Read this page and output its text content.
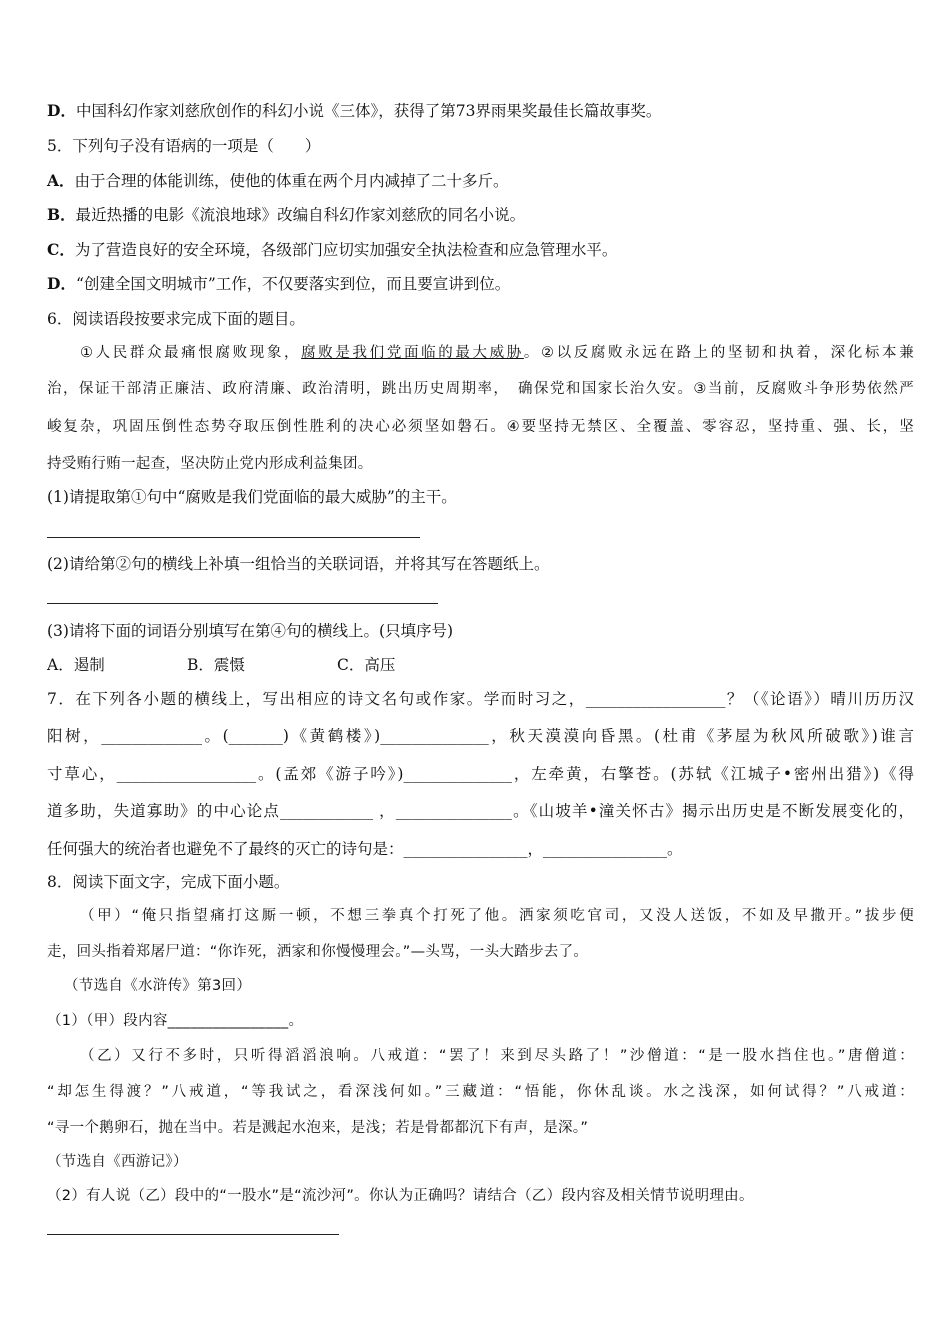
D．中国科幻作家刘慈欣创作的科幻小说《三体》，获得了第73界雨果奖最佳长篇故事奖。
5．下列句子没有语病的一项是（　　）
A．由于合理的体能训练，使他的体重在两个月内减掉了二十多斤。
B．最近热播的电影《流浪地球》改编自科幻作家刘慈欣的同名小说。
C．为了营造良好的安全环境，各级部门应切实加强安全执法检查和应急管理水平。
D．“创建全国文明城市”工作，不仅要落实到位，而且要宣讲到位。
6．阅读语段按要求完成下面的题目。
①人民群众最痛恨腐败现象，腐败是我们党面临的最大威胁。②以反腐败永远在路上的坚韧和执着，深化标本兼
治，保证干部清正廉洁、政府清廉、政治清明，跳出历史周期率，　确保党和国家长治久安。③当前，反腐败斗争形势依然严
峻复杂，巩固压倒性态势夺取压倒性胜利的决心必须坚如磐石。④要坚持无禁区、全覆盖、零容忍，坚持重、强、长，坚
持受贿行贿一起查，坚决防止党内形成利益集团。
(1)请提取第①句中“腐败是我们党面临的最大威胁”的主干。
(2)请给第②句的横线上补填一组恰当的关联词语，并将其写在答题纸上。
(3)请将下面的词语分别填写在第④句的横线上。(只填序号)
A．遏制	B．震慑	C．高压
7．在下列各小题的横线上，写出相应的诗文名句或作家。学而时习之，__________________？（《论语》）晴川历历汉
阳树，_____________。(_______)《黄鹤楼》)______________，秋天漠漠向昏黑。(杜甫《茅屋为秋风所破歌》)谁言
寸草心，__________________。(孟郊《游子吟》)______________，左牵黄，右擎苍。(苏轼《江城子•密州出猎》)《得
道多助，失道寡助》的中心论点____________ ，_______________。《山坡羊•潼关怀古》揭示出历史是不断发展变化的，
任何强大的统治者也避免不了最终的灭亡的诗句是：________________，________________。
8．阅读下面文字，完成下面小题。
（甲）“俺只指望痛打这厮一顿，不想三拳真个打死了他。洒家须吃官司，又没人送饭，不如及早撒开。”拔步便
走，回头指着郑屠尸道：“你诈死，洒家和你慢慢理会。”—头骂，一头大踏步去了。
（节选自《水浒传》第3回）
（1）（甲）段内容________________。
（乙）又行不多时，只听得滔滔浪响。八戒道：“罢了！来到尽头路了！”沙僧道：“是一股水挡住也。”唐僧道：
“却怎生得渡？”八戒道，“等我试之，看深浅何如。”三藏道：“悟能，你休乱谈。水之浅深，如何试得？”八戒道：
“寻一个鹅卵石，抛在当中。若是溅起水泡来，是浅；若是骨都都沉下有声，是深。”
（节选自《西游记》）
（2）有人说（乙）段中的“一股水”是“流沙河”。你认为正确吗？请结合（乙）段内容及相关情节说明理由。
